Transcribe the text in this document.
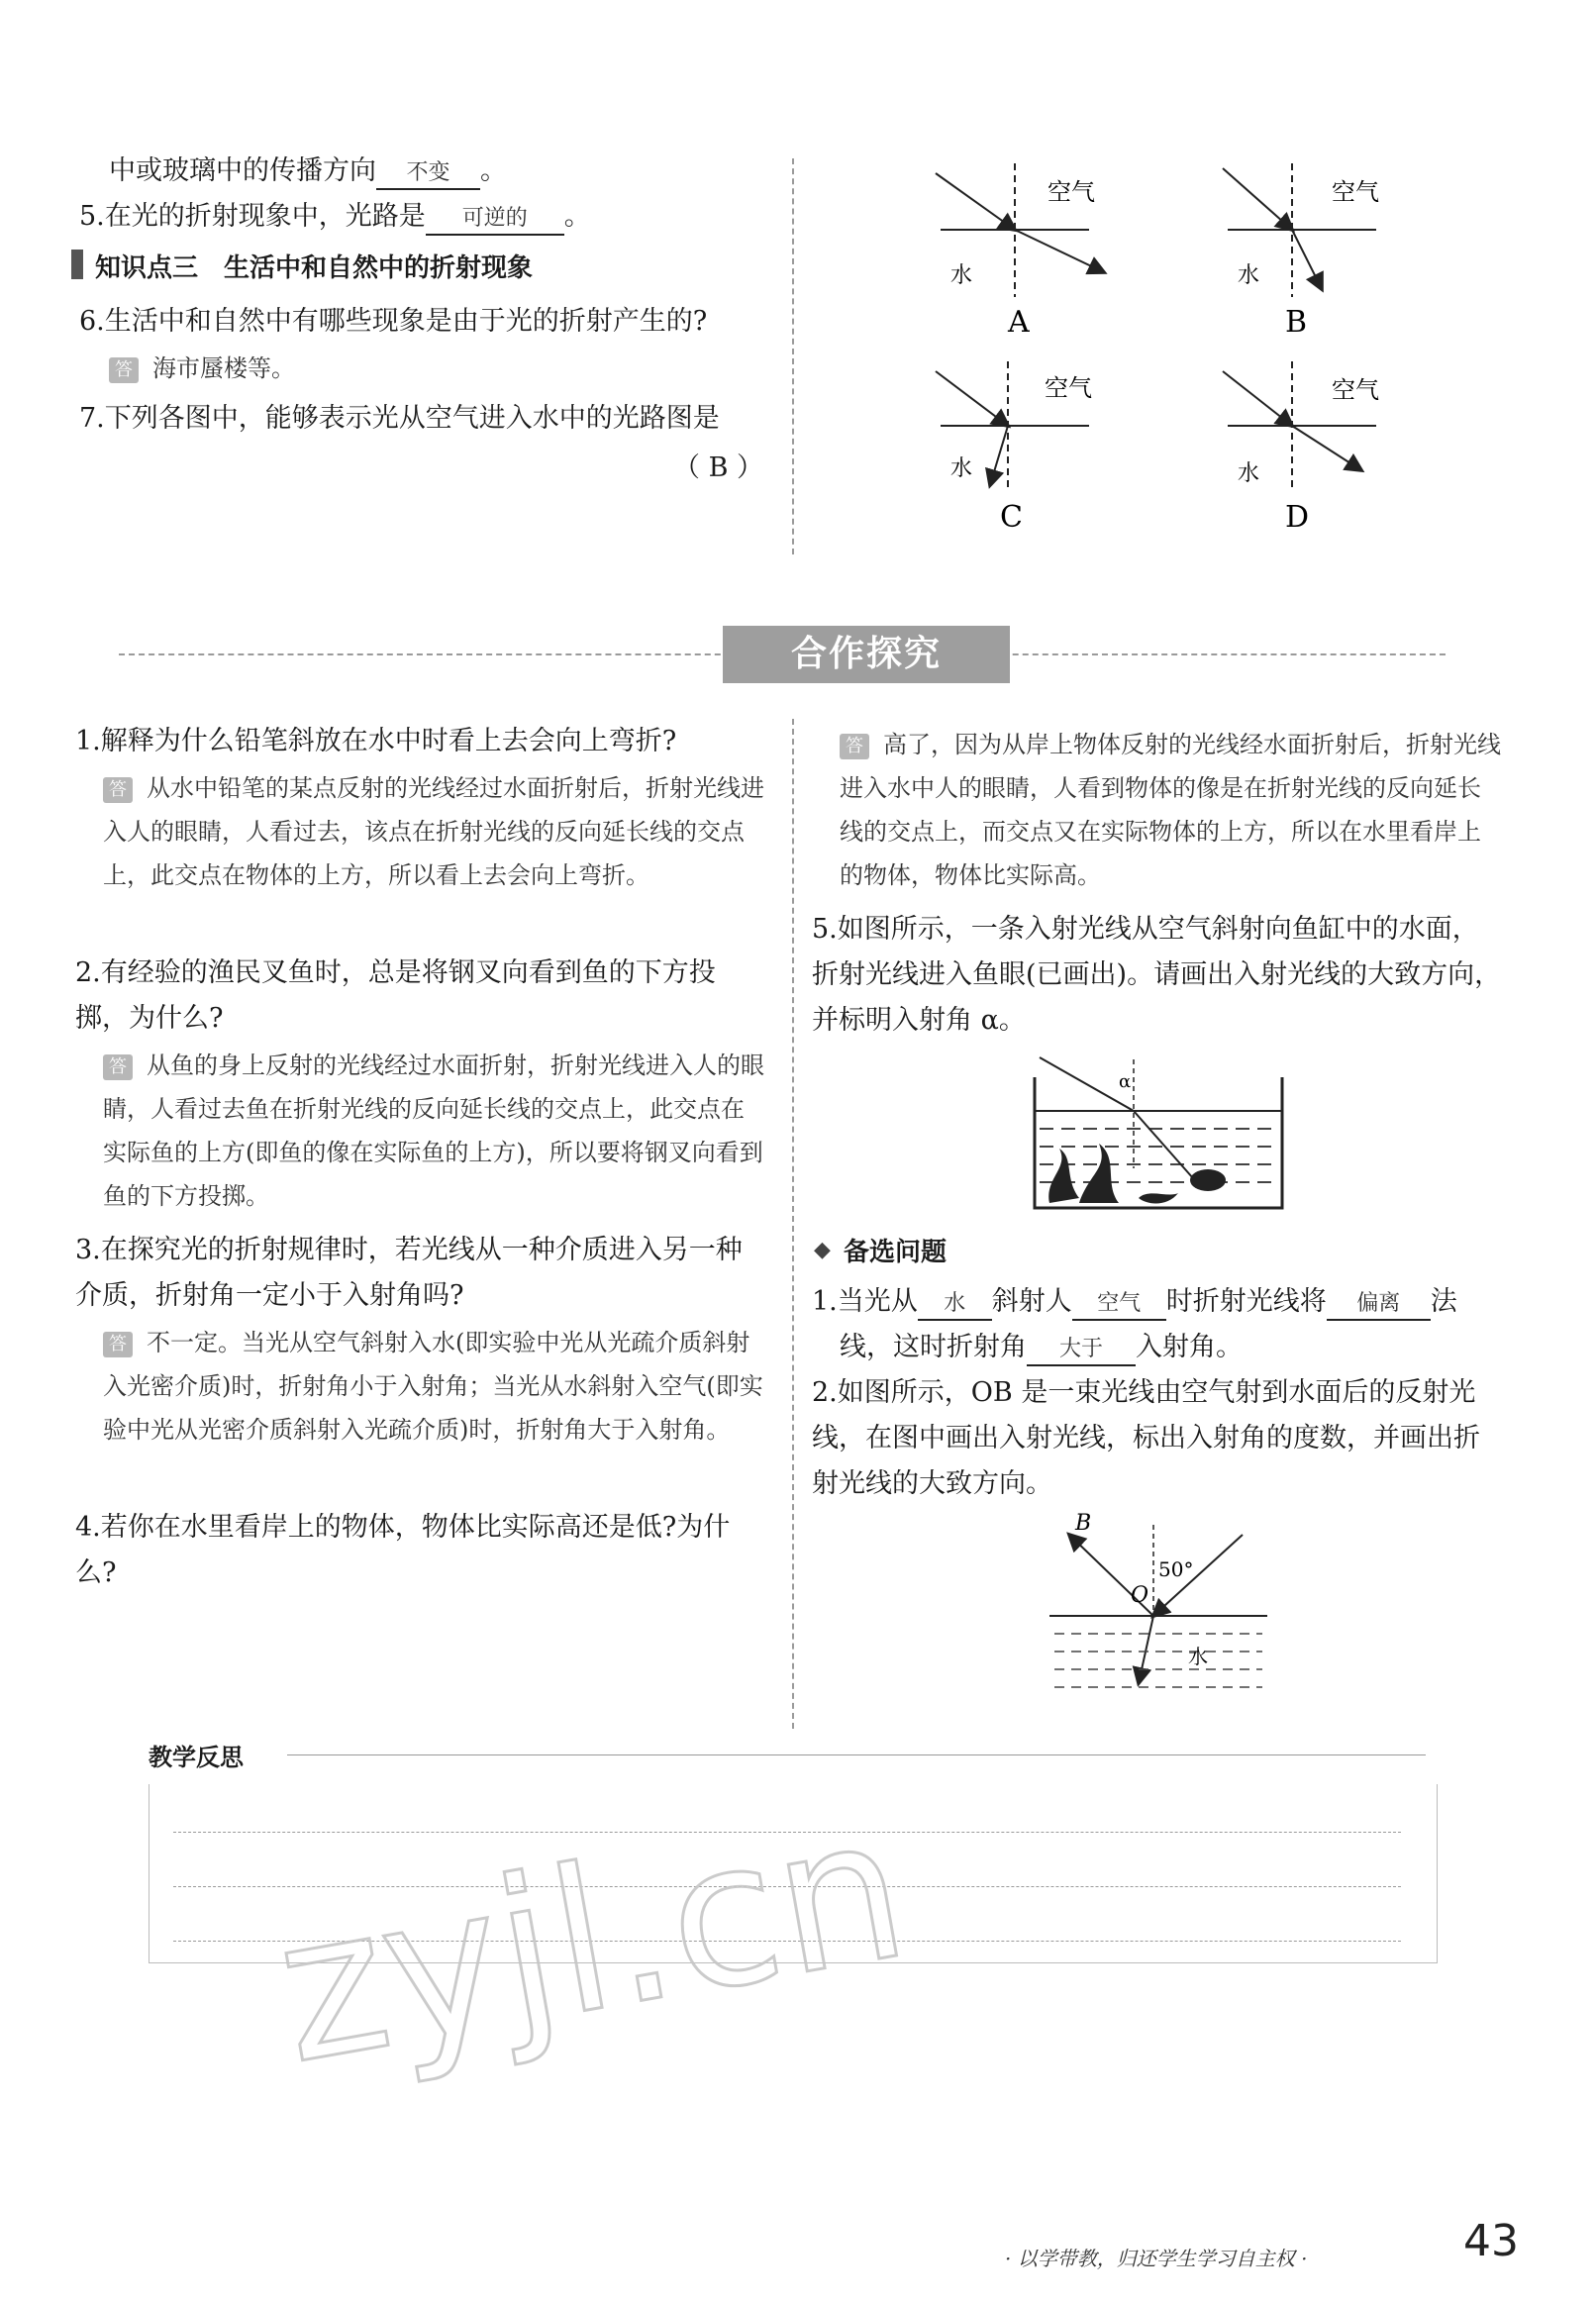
中或玻璃中的传播方向 不变 。
5.在光的折射现象中，光路是 可逆的 。
知识点三　生活中和自然中的折射现象
6.生活中和自然中有哪些现象是由于光的折射产生的?
答 海市蜃楼等。
7.下列各图中，能够表示光从空气进入水中的光路图是
（ B ）
空气
水
A
空气
水
B
空气
水
C
空气
水
D
合作探究
1.解释为什么铅笔斜放在水中时看上去会向上弯折?
答 从水中铅笔的某点反射的光线经过水面折射后，折射光线进入人的眼睛，人看过去，该点在折射光线的反向延长线的交点上，此交点在物体的上方，所以看上去会向上弯折。
2.有经验的渔民叉鱼时，总是将钢叉向看到鱼的下方投掷，为什么?
答 从鱼的身上反射的光线经过水面折射，折射光线进入人的眼睛，人看过去鱼在折射光线的反向延长线的交点上，此交点在实际鱼的上方(即鱼的像在实际鱼的上方)，所以要将钢叉向看到鱼的下方投掷。
3.在探究光的折射规律时，若光线从一种介质进入另一种介质，折射角一定小于入射角吗?
答 不一定。当光从空气斜射入水(即实验中光从光疏介质斜射入光密介质)时，折射角小于入射角；当光从水斜射入空气(即实验中光从光密介质斜射入光疏介质)时，折射角大于入射角。
4.若你在水里看岸上的物体，物体比实际高还是低?为什么?
答 高了，因为从岸上物体反射的光线经水面折射后，折射光线进入水中人的眼睛，人看到物体的像是在折射光线的反向延长线的交点上，而交点又在实际物体的上方，所以在水里看岸上的物体，物体比实际高。
5.如图所示，一条入射光线从空气斜射向鱼缸中的水面，折射光线进入鱼眼(已画出)。请画出入射光线的大致方向，并标明入射角 α。
α
◆ 备选问题
1.当光从 水 斜射人 空气 时折射光线将 偏离 法
线，这时折射角 大于 入射角。
2.如图所示，OB 是一束光线由空气射到水面后的反射光线，在图中画出入射光线，标出入射角的度数，并画出折射光线的大致方向。
B
O
50°
水
教学反思
zyjl.cn
· 以学带教，归还学生学习自主权 ·	43
